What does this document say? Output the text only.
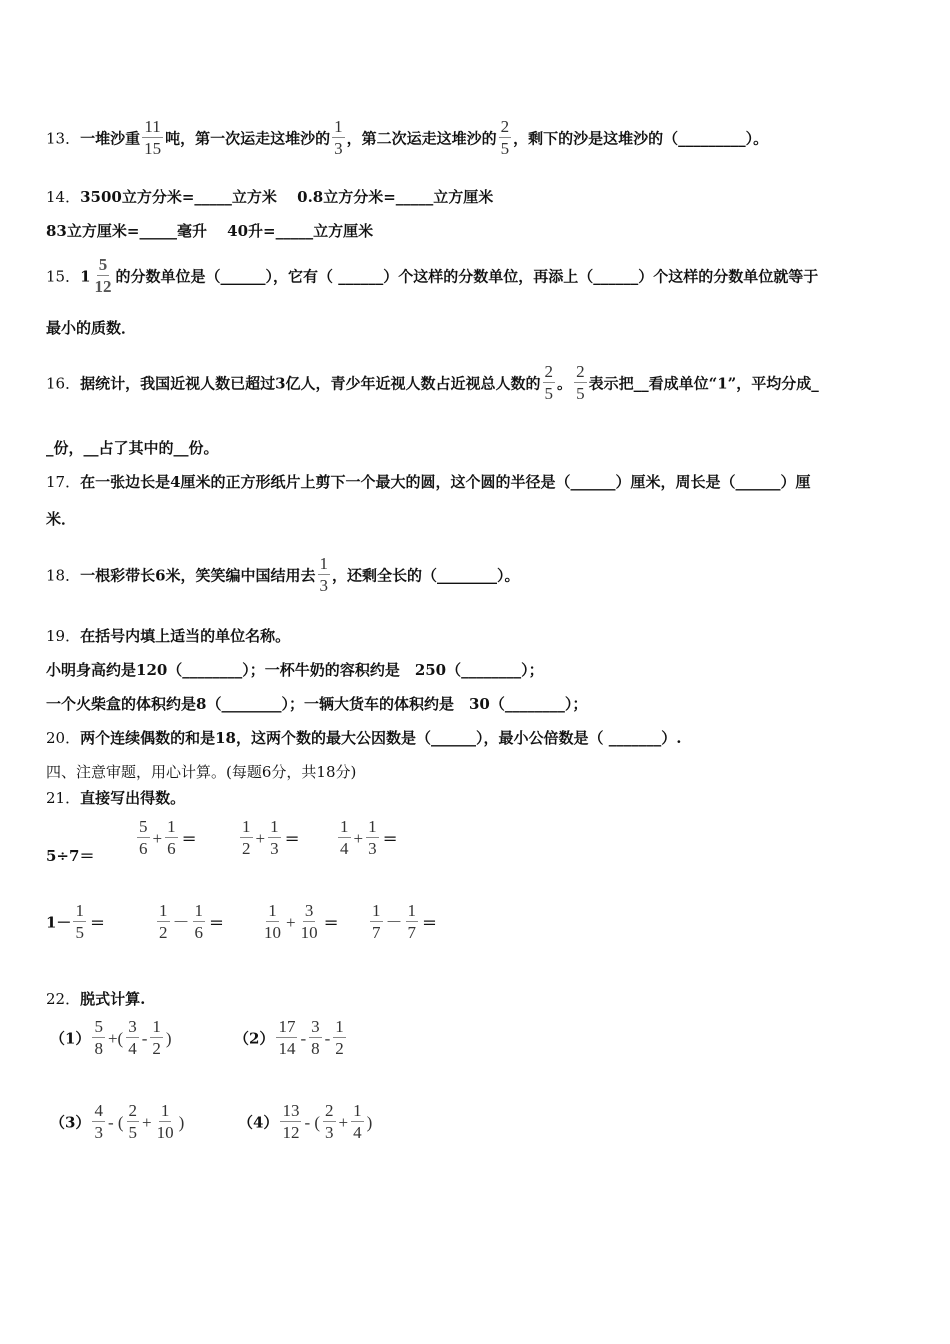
13．一堆沙重 $\frac{11}{15}$ 吨，第一次运走这堆沙的 $\frac{1}{3}$ ，第二次运走这堆沙的 $\frac{2}{5}$ ，剩下的沙是这堆沙的（_________）。
14．3500立方分米=_____立方米　 0.8立方分米=_____立方厘米
83立方厘米=_____毫升　 40升=_____立方厘米
15．$1 \frac{5}{12}$ 的分数单位是（______），它有（ ______）个这样的分数单位，再添上（______）个这样的分数单位就等于
最小的质数．
16．据统计，我国近视人数已超过3亿人，青少年近视人数占近视总人数的 $\frac{2}{5}$ 。 $\frac{2}{5}$ 表示把__看成单位“1”，平均分成_
_份，__占了其中的__份。
17．在一张边长是4厘米的正方形纸片上剪下一个最大的圆，这个圆的半径是（______）厘米，周长是（______）厘
米．
18．一根彩带长6米，笑笑编中国结用去 $\frac{1}{3}$ ，还剩全长的（________）。
19．在括号内填上适当的单位名称。
小明身高约是120（________）；一杯牛奶的容积约是　250（________）；
一个火柴盒的体积约是8（________）；一辆大货车的体积约是　30（________）；
20．两个连续偶数的和是18，这两个数的最大公因数是（______），最小公倍数是（ _______）.
四、注意审题，用心计算。(每题6分，共18分)
21．直接写出得数。
5÷7＝	$\frac{5}{6} + \frac{1}{6}$ ＝	$\frac{1}{2} + \frac{1}{3} = \frac{1}{4} + \frac{1}{3}$ ＝
$1- \frac{1}{5}$ ＝	$\frac{1}{2} - \frac{1}{6} = \frac{1}{10} + \frac{3}{10} = \frac{1}{7} - \frac{1}{7}$ ＝
22．脱式计算.
$(1) \frac{5}{8}$ +( $\frac{3}{4} - \frac{1}{2}$ )	$(2) \frac{17}{14} - \frac{3}{8} - \frac{1}{2}$
$(3) \frac{4}{3}$ - ( $\frac{2}{5} + \frac{1}{10}$ )	$(4) \frac{13}{12}$ - ( $\frac{2}{3} + \frac{1}{4}$ )
